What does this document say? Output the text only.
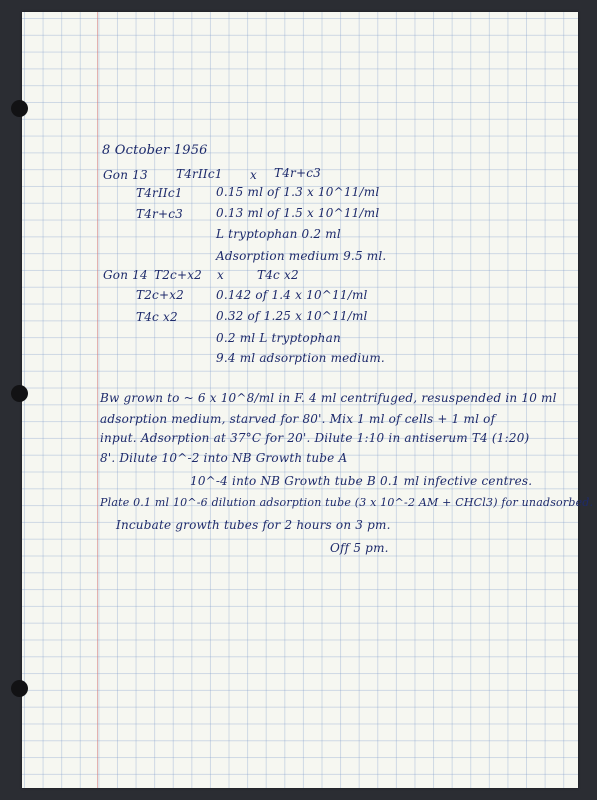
8 October 1956
Gon 13 T4rIIc1 x T4r+c3
T4rIIc1	0.15 ml of 1.3 x 10^11/ml
T4r+c3	0.13 ml of 1.5 x 10^11/ml
L tryptophan 0.2 ml
Adsorption medium 9.5 ml.
Gon 14 T2c+x2 x	T4c x2
T2c+x2	0.142 of 1.4 x 10^11/ml
T4c x2	0.32 of 1.25 x 10^11/ml
0.2 ml L tryptophan
9.4 ml adsorption medium.
Bw grown to ~ 6 x 10^8/ml in F. 4 ml centrifuged, resuspended in 10 ml
adsorption medium, starved for 80'. Mix 1 ml of cells + 1 ml of
input. Adsorption at 37°C for 20'. Dilute 1:10 in antiserum T4 (1:20)
8'. Dilute 10^-2 into NB Growth tube A
10^-4 into NB Growth tube B 0.1 ml infective centres.
Plate 0.1 ml 10^-6 dilution adsorption tube (3 x 10^-2 AM + CHCl3) for unadsorbed.
Incubate growth tubes for 2 hours on 3 pm.
Off 5 pm.
